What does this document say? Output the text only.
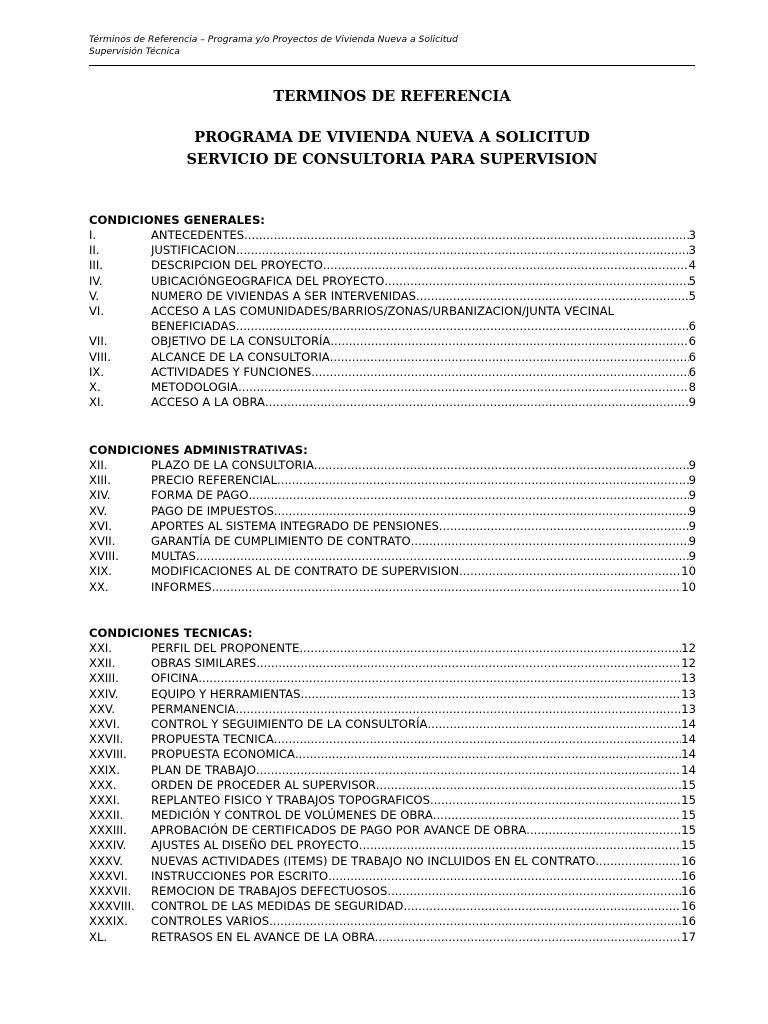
Términos de Referencia – Programa y/o Proyectos de Vivienda Nueva a Solicitud
Supervisión Técnica
TERMINOS DE REFERENCIA
PROGRAMA DE VIVIENDA NUEVA A SOLICITUD
SERVICIO DE CONSULTORIA PARA SUPERVISION
CONDICIONES GENERALES:
I.	ANTECEDENTES .....	3
II.	JUSTIFICACION .....	3
III.	DESCRIPCION DEL PROYECTO .....	4
IV.	UBICACIÓNGEOGRAFICA DEL PROYECTO .....	5
V.	NUMERO DE VIVIENDAS A SER INTERVENIDAS .....	5
VI.	ACCESO A LAS COMUNIDADES/BARRIOS/ZONAS/URBANIZACION/JUNTA VECINAL
BENEFICIADAS .....	6
VII.	OBJETIVO DE LA CONSULTORÍA .....	6
VIII.	ALCANCE DE LA CONSULTORIA .....	6
IX.	ACTIVIDADES Y FUNCIONES .....	6
X.	METODOLOGIA .....	8
XI.	ACCESO A LA OBRA .....	9
CONDICIONES ADMINISTRATIVAS:
XII.	PLAZO DE LA CONSULTORIA .....	9
XIII.	PRECIO REFERENCIAL .....	9
XIV.	FORMA DE PAGO .....	9
XV.	PAGO DE IMPUESTOS .....	9
XVI.	APORTES AL SISTEMA INTEGRADO DE PENSIONES .....	9
XVII.	GARANTÍA DE CUMPLIMIENTO DE CONTRATO .....	9
XVIII.	MULTAS .....	9
XIX.	MODIFICACIONES AL DE CONTRATO DE SUPERVISION .....	10
XX.	INFORMES .....	10
CONDICIONES TECNICAS:
XXI.	PERFIL DEL PROPONENTE .....	12
XXII.	OBRAS SIMILARES .....	12
XXIII.	OFICINA .....	13
XXIV.	EQUIPO Y HERRAMIENTAS .....	13
XXV.	PERMANENCIA .....	13
XXVI.	CONTROL Y SEGUIMIENTO DE LA CONSULTORÍA .....	14
XXVII.	PROPUESTA TECNICA .....	14
XXVIII.	PROPUESTA ECONOMICA .....	14
XXIX.	PLAN DE TRABAJO .....	14
XXX.	ORDEN DE PROCEDER AL SUPERVISOR .....	15
XXXI.	REPLANTEO FISICO Y TRABAJOS TOPOGRAFICOS .....	15
XXXII.	MEDICIÓN Y CONTROL DE VOLÚMENES DE OBRA .....	15
XXXIII.	APROBACIÓN DE CERTIFICADOS DE PAGO POR AVANCE DE OBRA .....	15
XXXIV.	AJUSTES AL DISEÑO DEL PROYECTO .....	15
XXXV.	NUEVAS ACTIVIDADES (ITEMS) DE TRABAJO NO INCLUIDOS EN EL CONTRATO .....	16
XXXVI.	INSTRUCCIONES POR ESCRITO .....	16
XXXVII.	REMOCION DE TRABAJOS DEFECTUOSOS .....	16
XXXVIII.	CONTROL DE LAS MEDIDAS DE SEGURIDAD .....	16
XXXIX.	CONTROLES VARIOS .....	16
XL.	RETRASOS EN EL AVANCE DE LA OBRA .....	17
